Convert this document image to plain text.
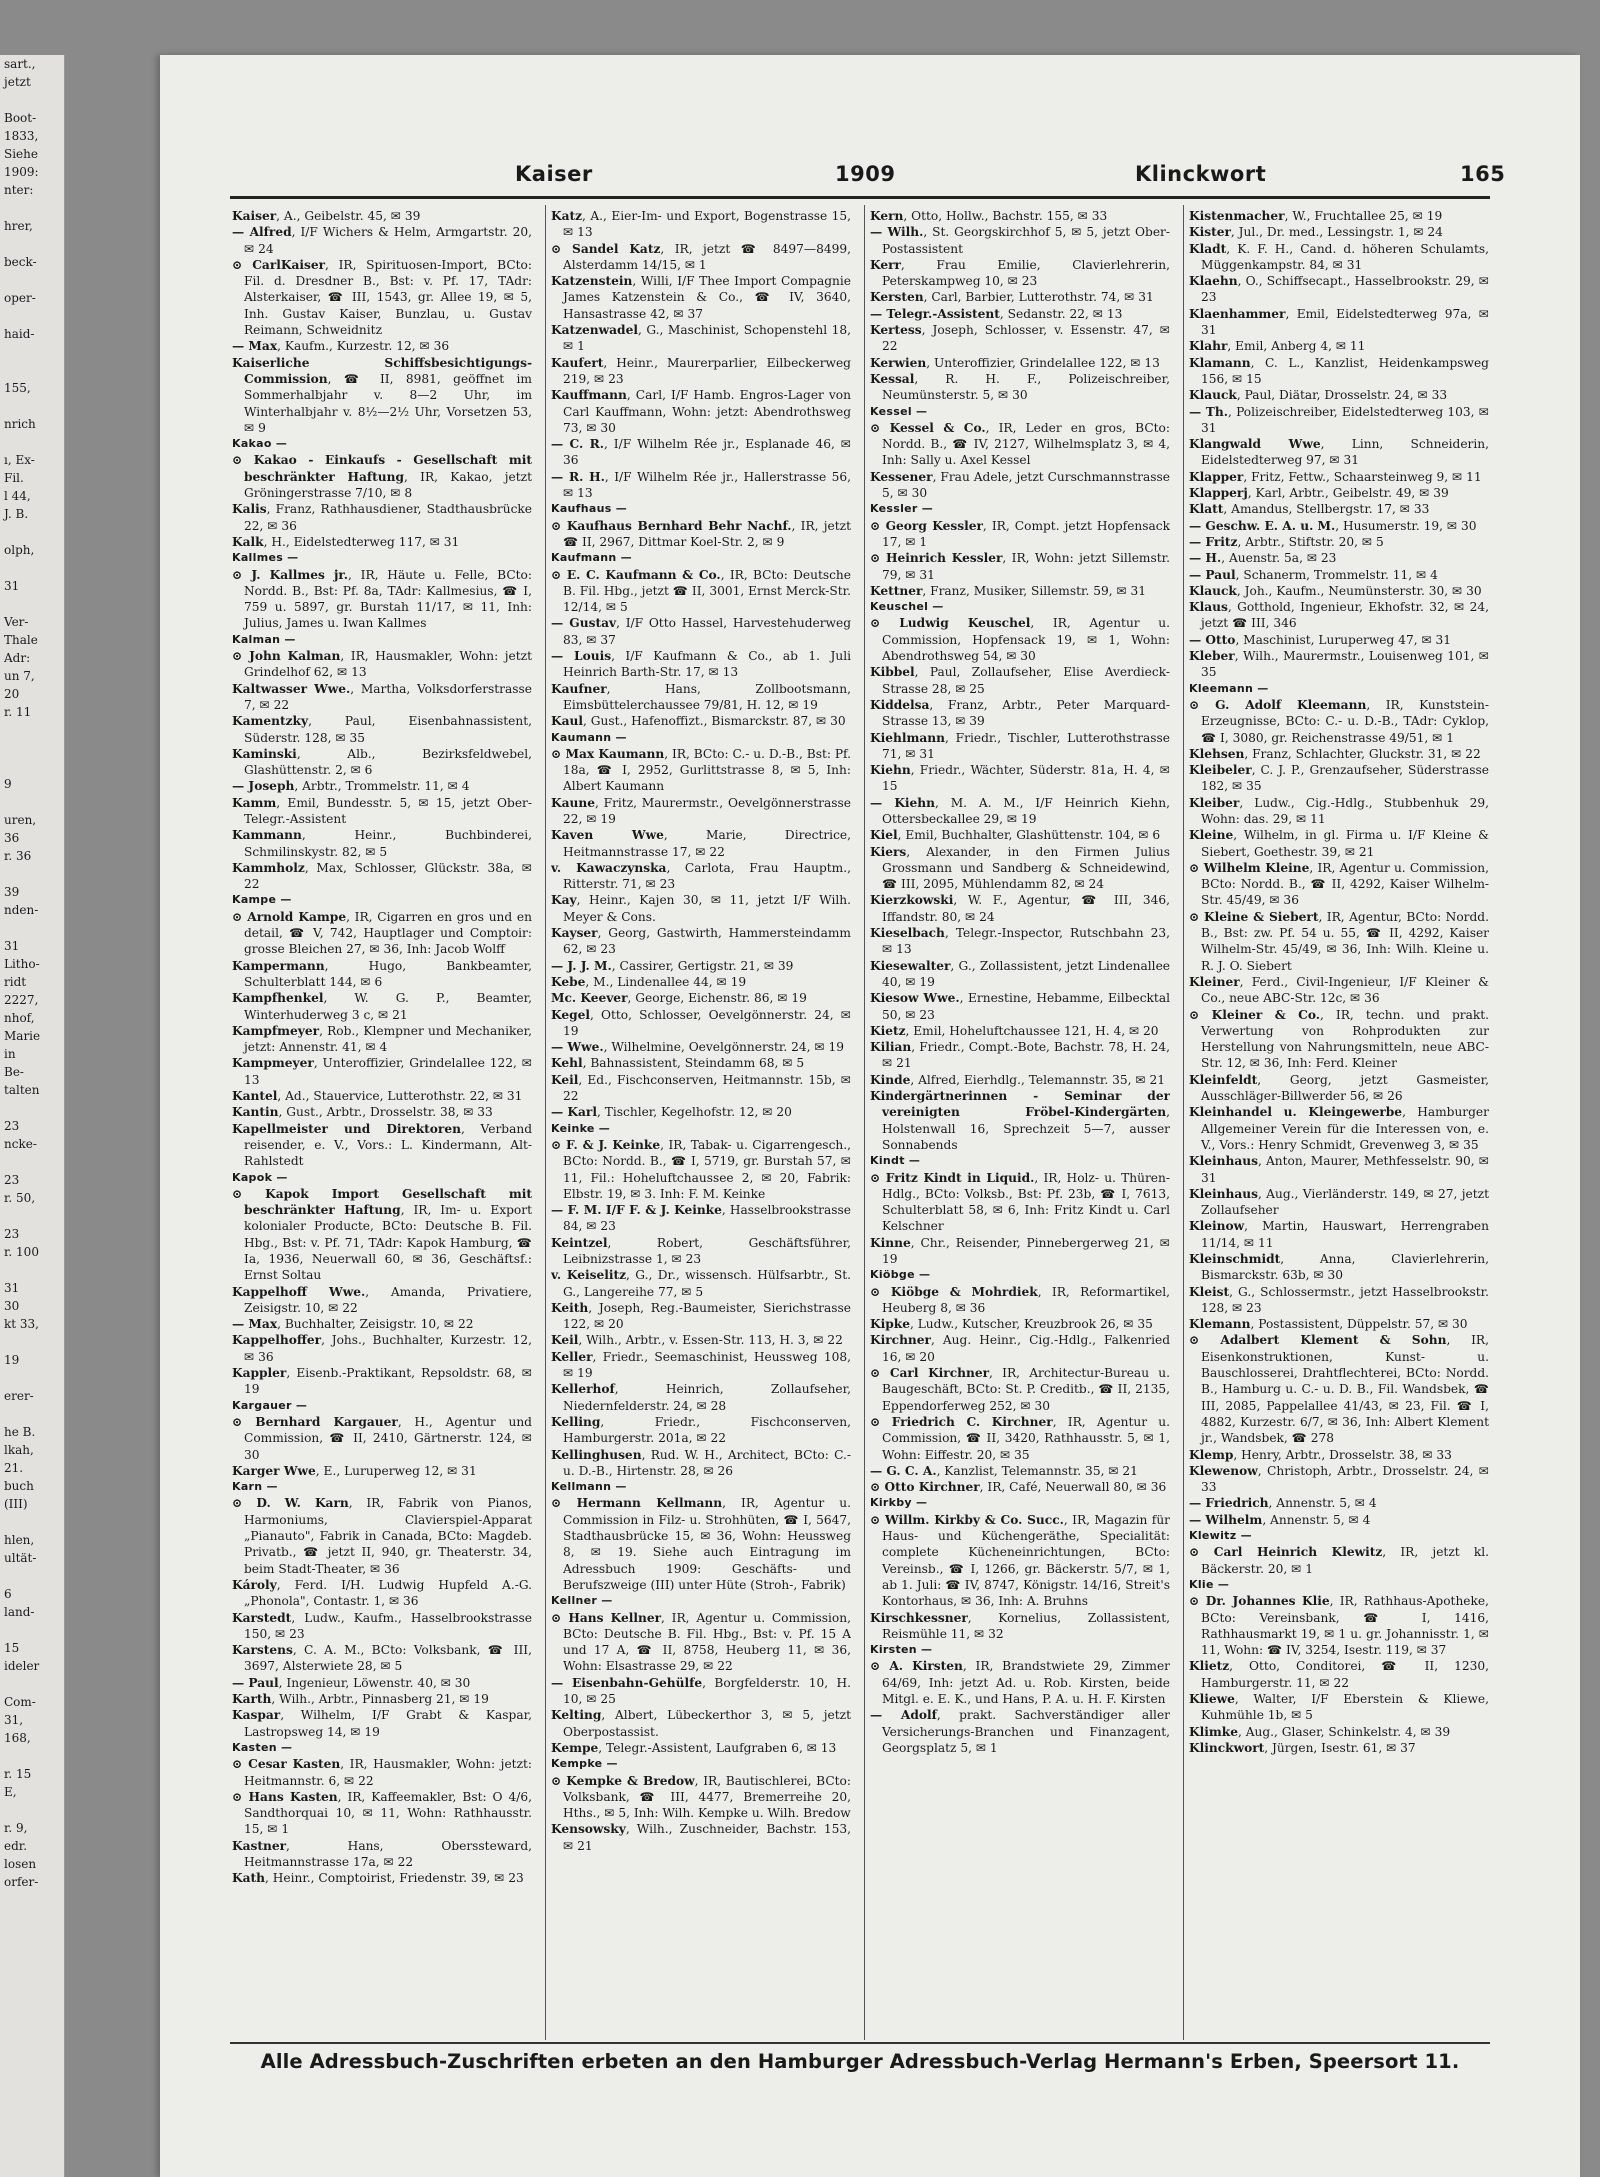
sart.,
jetzt

Boot-
1833,
Siehe
1909:
nter:

hrer,

beck-

oper-

haid-

155,

nrich

ı, Ex-
Fil.
l 44,
J. B.

olph,

31

Ver-
Thale
Adr:
un 7,
20
r. 11

9

uren,
36
r. 36

39
nden-

31
Litho-
ridt
2227,
nhof,
Marie
in
Be-
talten

23
ncke-

23
r. 50,

23
r. 100

31
30
kt 33,

19

erer-

he B.
lkah,
21.
buch
(III)

hlen,
ultät-

6
land-

15
ideler

Com-
31,
168,

r. 15
E,

r. 9,
edr.
losen
orfer-
Kaiser	1909	Klinckwort	165

Kaiser, A., Geibelstr. 45, ✉ 39

— Alfred, I/F Wichers & Helm, Armgartstr. 20, ✉ 24

⊙ CarlKaiser, IR, Spirituosen-Import, BCto: Fil. d. Dresdner B., Bst: v. Pf. 17, TAdr: Alsterkaiser, ☎ III, 1543, gr. Allee 19, ✉ 5, Inh. Gustav Kaiser, Bunzlau, u. Gustav Reimann, Schweidnitz

— Max, Kaufm., Kurzestr. 12, ✉ 36

Kaiserliche Schiffsbesichtigungs-Commission, ☎ II, 8981, geöffnet im Sommerhalbjahr v. 8—2 Uhr, im Winterhalbjahr v. 8½—2½ Uhr, Vorsetzen 53, ✉ 9

Kakao —

⊙ Kakao - Einkaufs - Gesellschaft mit beschränkter Haftung, IR, Kakao, jetzt Gröningerstrasse 7/10, ✉ 8

Kalis, Franz, Rathhausdiener, Stadthausbrücke 22, ✉ 36

Kalk, H., Eidelstedterweg 117, ✉ 31

Kallmes —

⊙ J. Kallmes jr., IR, Häute u. Felle, BCto: Nordd. B., Bst: Pf. 8a, TAdr: Kallmesius, ☎ I, 759 u. 5897, gr. Burstah 11/17, ✉ 11, Inh: Julius, James u. Iwan Kallmes

Kalman —

⊙ John Kalman, IR, Hausmakler, Wohn: jetzt Grindelhof 62, ✉ 13

Kaltwasser Wwe., Martha, Volksdorferstrasse 7, ✉ 22

Kamentzky, Paul, Eisenbahnassistent, Süderstr. 128, ✉ 35

Kaminski, Alb., Bezirksfeldwebel, Glashüttenstr. 2, ✉ 6

— Joseph, Arbtr., Trommelstr. 11, ✉ 4

Kamm, Emil, Bundesstr. 5, ✉ 15, jetzt Ober-Telegr.-Assistent

Kammann, Heinr., Buchbinderei, Schmilinskystr. 82, ✉ 5

Kammholz, Max, Schlosser, Glückstr. 38a, ✉ 22

Kampe —

⊙ Arnold Kampe, IR, Cigarren en gros und en detail, ☎ V, 742, Hauptlager und Comptoir: grosse Bleichen 27, ✉ 36, Inh: Jacob Wolff

Kampermann, Hugo, Bankbeamter, Schulterblatt 144, ✉ 6

Kampfhenkel, W. G. P., Beamter, Winterhuderweg 3 c, ✉ 21

Kampfmeyer, Rob., Klempner und Mechaniker, jetzt: Annenstr. 41, ✉ 4

Kampmeyer, Unteroffizier, Grindelallee 122, ✉ 13

Kantel, Ad., Stauervice, Lutterothstr. 22, ✉ 31

Kantin, Gust., Arbtr., Drosselstr. 38, ✉ 33

Kapellmeister und Direktoren, Verband reisender, e. V., Vors.: L. Kindermann, Alt-Rahlstedt

Kapok —

⊙ Kapok Import Gesellschaft mit beschränkter Haftung, IR, Im- u. Export kolonialer Producte, BCto: Deutsche B. Fil. Hbg., Bst: v. Pf. 71, TAdr: Kapok Hamburg, ☎ Ia, 1936, Neuerwall 60, ✉ 36, Geschäftsf.: Ernst Soltau

Kappelhoff Wwe., Amanda, Privatiere, Zeisigstr. 10, ✉ 22

— Max, Buchhalter, Zeisigstr. 10, ✉ 22

Kappelhoffer, Johs., Buchhalter, Kurzestr. 12, ✉ 36

Kappler, Eisenb.-Praktikant, Repsoldstr. 68, ✉ 19

Kargauer —

⊙ Bernhard Kargauer, H., Agentur und Commission, ☎ II, 2410, Gärtnerstr. 124, ✉ 30

Karger Wwe, E., Luruperweg 12, ✉ 31

Karn —

⊙ D. W. Karn, IR, Fabrik von Pianos, Harmoniums, Clavierspiel-Apparat „Pianauto", Fabrik in Canada, BCto: Magdeb. Privatb., ☎ jetzt II, 940, gr. Theaterstr. 34, beim Stadt-Theater, ✉ 36

Károly, Ferd. I/H. Ludwig Hupfeld A.-G. „Phonola", Contastr. 1, ✉ 36

Karstedt, Ludw., Kaufm., Hasselbrookstrasse 150, ✉ 23

Karstens, C. A. M., BCto: Volksbank, ☎ III, 3697, Alsterwiete 28, ✉ 5

— Paul, Ingenieur, Löwenstr. 40, ✉ 30

Karth, Wilh., Arbtr., Pinnasberg 21, ✉ 19

Kaspar, Wilhelm, I/F Grabt & Kaspar, Lastropsweg 14, ✉ 19

Kasten —

⊙ Cesar Kasten, IR, Hausmakler, Wohn: jetzt: Heitmannstr. 6, ✉ 22

⊙ Hans Kasten, IR, Kaffeemakler, Bst: O 4/6, Sandthorquai 10, ✉ 11, Wohn: Rathhausstr. 15, ✉ 1

Kastner, Hans, Oberssteward, Heitmannstrasse 17a, ✉ 22

Kath, Heinr., Comptoirist, Friedenstr. 39, ✉ 23

Katz, A., Eier-Im- und Export, Bogenstrasse 15, ✉ 13

⊙ Sandel Katz, IR, jetzt ☎ 8497—8499, Alsterdamm 14/15, ✉ 1

Katzenstein, Willi, I/F Thee Import Compagnie James Katzenstein & Co., ☎ IV, 3640, Hansastrasse 42, ✉ 37

Katzenwadel, G., Maschinist, Schopenstehl 18, ✉ 1

Kaufert, Heinr., Maurerparlier, Eilbeckerweg 219, ✉ 23

Kauffmann, Carl, I/F Hamb. Engros-Lager von Carl Kauffmann, Wohn: jetzt: Abendrothsweg 73, ✉ 30

— C. R., I/F Wilhelm Rée jr., Esplanade 46, ✉ 36

— R. H., I/F Wilhelm Rée jr., Hallerstrasse 56, ✉ 13

Kaufhaus —

⊙ Kaufhaus Bernhard Behr Nachf., IR, jetzt ☎ II, 2967, Dittmar Koel-Str. 2, ✉ 9

Kaufmann —

⊙ E. C. Kaufmann & Co., IR, BCto: Deutsche B. Fil. Hbg., jetzt ☎ II, 3001, Ernst Merck-Str. 12/14, ✉ 5

— Gustav, I/F Otto Hassel, Harvestehuderweg 83, ✉ 37

— Louis, I/F Kaufmann & Co., ab 1. Juli Heinrich Barth-Str. 17, ✉ 13

Kaufner, Hans, Zollbootsmann, Eimsbüttelerchaussee 79/81, H. 12, ✉ 19

Kaul, Gust., Hafenoffizt., Bismarckstr. 87, ✉ 30

Kaumann —

⊙ Max Kaumann, IR, BCto: C.- u. D.-B., Bst: Pf. 18a, ☎ I, 2952, Gurlittstrasse 8, ✉ 5, Inh: Albert Kaumann

Kaune, Fritz, Maurermstr., Oevelgönnerstrasse 22, ✉ 19

Kaven Wwe, Marie, Directrice, Heitmannstrasse 17, ✉ 22

v. Kawaczynska, Carlota, Frau Hauptm., Ritterstr. 71, ✉ 23

Kay, Heinr., Kajen 30, ✉ 11, jetzt I/F Wilh. Meyer & Cons.

Kayser, Georg, Gastwirth, Hammersteindamm 62, ✉ 23

— J. J. M., Cassirer, Gertigstr. 21, ✉ 39

Kebe, M., Lindenallee 44, ✉ 19

Mc. Keever, George, Eichenstr. 86, ✉ 19

Kegel, Otto, Schlosser, Oevelgönnerstr. 24, ✉ 19

— Wwe., Wilhelmine, Oevelgönnerstr. 24, ✉ 19

Kehl, Bahnassistent, Steindamm 68, ✉ 5

Keil, Ed., Fischconserven, Heitmannstr. 15b, ✉ 22

— Karl, Tischler, Kegelhofstr. 12, ✉ 20

Keinke —

⊙ F. & J. Keinke, IR, Tabak- u. Cigarrengesch., BCto: Nordd. B., ☎ I, 5719, gr. Burstah 57, ✉ 11, Fil.: Hoheluftchaussee 2, ✉ 20, Fabrik: Elbstr. 19, ✉ 3. Inh: F. M. Keinke

— F. M. I/F F. & J. Keinke, Hasselbrookstrasse 84, ✉ 23

Keintzel, Robert, Geschäftsführer, Leibnizstrasse 1, ✉ 23

v. Keiselitz, G., Dr., wissensch. Hülfsarbtr., St. G., Langereihe 77, ✉ 5

Keith, Joseph, Reg.-Baumeister, Sierichstrasse 122, ✉ 20

Keil, Wilh., Arbtr., v. Essen-Str. 113, H. 3, ✉ 22

Keller, Friedr., Seemaschinist, Heussweg 108, ✉ 19

Kellerhof, Heinrich, Zollaufseher, Niedernfelderstr. 24, ✉ 28

Kelling, Friedr., Fischconserven, Hamburgerstr. 201a, ✉ 22

Kellinghusen, Rud. W. H., Architect, BCto: C.- u. D.-B., Hirtenstr. 28, ✉ 26

Kellmann —

⊙ Hermann Kellmann, IR, Agentur u. Commission in Filz- u. Strohhüten, ☎ I, 5647, Stadthausbrücke 15, ✉ 36, Wohn: Heussweg 8, ✉ 19. Siehe auch Eintragung im Adressbuch 1909: Geschäfts- und Berufszweige (III) unter Hüte (Stroh-, Fabrik)

Kellner —

⊙ Hans Kellner, IR, Agentur u. Commission, BCto: Deutsche B. Fil. Hbg., Bst: v. Pf. 15 A und 17 A, ☎ II, 8758, Heuberg 11, ✉ 36, Wohn: Elsastrasse 29, ✉ 22

— Eisenbahn-Gehülfe, Borgfelderstr. 10, H. 10, ✉ 25

Kelting, Albert, Lübeckerthor 3, ✉ 5, jetzt Oberpostassist.

Kempe, Telegr.-Assistent, Laufgraben 6, ✉ 13

Kempke —

⊙ Kempke & Bredow, IR, Bautischlerei, BCto: Volksbank, ☎ III, 4477, Bremerreihe 20, Hths., ✉ 5, Inh: Wilh. Kempke u. Wilh. Bredow

Kensowsky, Wilh., Zuschneider, Bachstr. 153, ✉ 21

Kern, Otto, Hollw., Bachstr. 155, ✉ 33

— Wilh., St. Georgskirchhof 5, ✉ 5, jetzt Ober-Postassistent

Kerr, Frau Emilie, Clavierlehrerin, Peterskampweg 10, ✉ 23

Kersten, Carl, Barbier, Lutterothstr. 74, ✉ 31

— Telegr.-Assistent, Sedanstr. 22, ✉ 13

Kertess, Joseph, Schlosser, v. Essenstr. 47, ✉ 22

Kerwien, Unteroffizier, Grindelallee 122, ✉ 13

Kessal, R. H. F., Polizeischreiber, Neumünsterstr. 5, ✉ 30

Kessel —

⊙ Kessel & Co., IR, Leder en gros, BCto: Nordd. B., ☎ IV, 2127, Wilhelmsplatz 3, ✉ 4, Inh: Sally u. Axel Kessel

Kessener, Frau Adele, jetzt Curschmannstrasse 5, ✉ 30

Kessler —

⊙ Georg Kessler, IR, Compt. jetzt Hopfensack 17, ✉ 1

⊙ Heinrich Kessler, IR, Wohn: jetzt Sillemstr. 79, ✉ 31

Kettner, Franz, Musiker, Sillemstr. 59, ✉ 31

Keuschel —

⊙ Ludwig Keuschel, IR, Agentur u. Commission, Hopfensack 19, ✉ 1, Wohn: Abendrothsweg 54, ✉ 30

Kibbel, Paul, Zollaufseher, Elise Averdieck-Strasse 28, ✉ 25

Kiddelsa, Franz, Arbtr., Peter Marquard-Strasse 13, ✉ 39

Kiehlmann, Friedr., Tischler, Lutterothstrasse 71, ✉ 31

Kiehn, Friedr., Wächter, Süderstr. 81a, H. 4, ✉ 15

— Kiehn, M. A. M., I/F Heinrich Kiehn, Ottersbeckallee 29, ✉ 19

Kiel, Emil, Buchhalter, Glashüttenstr. 104, ✉ 6

Kiers, Alexander, in den Firmen Julius Grossmann und Sandberg & Schneidewind, ☎ III, 2095, Mühlendamm 82, ✉ 24

Kierzkowski, W. F., Agentur, ☎ III, 346, Iffandstr. 80, ✉ 24

Kieselbach, Telegr.-Inspector, Rutschbahn 23, ✉ 13

Kiesewalter, G., Zollassistent, jetzt Lindenallee 40, ✉ 19

Kiesow Wwe., Ernestine, Hebamme, Eilbecktal 50, ✉ 23

Kietz, Emil, Hoheluftchaussee 121, H. 4, ✉ 20

Kilian, Friedr., Compt.-Bote, Bachstr. 78, H. 24, ✉ 21

Kinde, Alfred, Eierhdlg., Telemannstr. 35, ✉ 21

Kindergärtnerinnen - Seminar der vereinigten Fröbel-Kindergärten, Holstenwall 16, Sprechzeit 5—7, ausser Sonnabends

Kindt —

⊙ Fritz Kindt in Liquid., IR, Holz- u. Thüren-Hdlg., BCto: Volksb., Bst: Pf. 23b, ☎ I, 7613, Schulterblatt 58, ✉ 6, Inh: Fritz Kindt u. Carl Kelschner

Kinne, Chr., Reisender, Pinnebergerweg 21, ✉ 19

Kiöbge —

⊙ Kiöbge & Mohrdiek, IR, Reformartikel, Heuberg 8, ✉ 36

Kipke, Ludw., Kutscher, Kreuzbrook 26, ✉ 35

Kirchner, Aug. Heinr., Cig.-Hdlg., Falkenried 16, ✉ 20

⊙ Carl Kirchner, IR, Architectur-Bureau u. Baugeschäft, BCto: St. P. Creditb., ☎ II, 2135, Eppendorferweg 252, ✉ 30

⊙ Friedrich C. Kirchner, IR, Agentur u. Commission, ☎ II, 3420, Rathhausstr. 5, ✉ 1, Wohn: Eiffestr. 20, ✉ 35

— G. C. A., Kanzlist, Telemannstr. 35, ✉ 21

⊙ Otto Kirchner, IR, Café, Neuerwall 80, ✉ 36

Kirkby —

⊙ Willm. Kirkby & Co. Succ., IR, Magazin für Haus- und Küchengeräthe, Specialität: complete Kücheneinrichtungen, BCto: Vereinsb., ☎ I, 1266, gr. Bäckerstr. 5/7, ✉ 1, ab 1. Juli: ☎ IV, 8747, Königstr. 14/16, Streit's Kontorhaus, ✉ 36, Inh: A. Bruhns

Kirschkessner, Kornelius, Zollassistent, Reismühle 11, ✉ 32

Kirsten —

⊙ A. Kirsten, IR, Brandstwiete 29, Zimmer 64/69, Inh: jetzt Ad. u. Rob. Kirsten, beide Mitgl. e. E. K., und Hans, P. A. u. H. F. Kirsten

— Adolf, prakt. Sachverständiger aller Versicherungs-Branchen und Finanzagent, Georgsplatz 5, ✉ 1

Kistenmacher, W., Fruchtallee 25, ✉ 19

Kister, Jul., Dr. med., Lessingstr. 1, ✉ 24

Kladt, K. F. H., Cand. d. höheren Schulamts, Müggenkampstr. 84, ✉ 31

Klaehn, O., Schiffsecapt., Hasselbrookstr. 29, ✉ 23

Klaenhammer, Emil, Eidelstedterweg 97a, ✉ 31

Klahr, Emil, Anberg 4, ✉ 11

Klamann, C. L., Kanzlist, Heidenkampsweg 156, ✉ 15

Klauck, Paul, Diätar, Drosselstr. 24, ✉ 33

— Th., Polizeischreiber, Eidelstedterweg 103, ✉ 31

Klangwald Wwe, Linn, Schneiderin, Eidelstedterweg 97, ✉ 31

Klapper, Fritz, Fettw., Schaarsteinweg 9, ✉ 11

Klapperj, Karl, Arbtr., Geibelstr. 49, ✉ 39

Klatt, Amandus, Stellbergstr. 17, ✉ 33

— Geschw. E. A. u. M., Husumerstr. 19, ✉ 30

— Fritz, Arbtr., Stiftstr. 20, ✉ 5

— H., Auenstr. 5a, ✉ 23

— Paul, Schanerm, Trommelstr. 11, ✉ 4

Klauck, Joh., Kaufm., Neumünsterstr. 30, ✉ 30

Klaus, Gotthold, Ingenieur, Ekhofstr. 32, ✉ 24, jetzt ☎ III, 346

— Otto, Maschinist, Luruperweg 47, ✉ 31

Kleber, Wilh., Maurermstr., Louisenweg 101, ✉ 35

Kleemann —

⊙ G. Adolf Kleemann, IR, Kunststein-Erzeugnisse, BCto: C.- u. D.-B., TAdr: Cyklop, ☎ I, 3080, gr. Reichenstrasse 49/51, ✉ 1

Klehsen, Franz, Schlachter, Gluckstr. 31, ✉ 22

Kleibeler, C. J. P., Grenzaufseher, Süderstrasse 182, ✉ 35

Kleiber, Ludw., Cig.-Hdlg., Stubbenhuk 29, Wohn: das. 29, ✉ 11

Kleine, Wilhelm, in gl. Firma u. I/F Kleine & Siebert, Goethestr. 39, ✉ 21

⊙ Wilhelm Kleine, IR, Agentur u. Commission, BCto: Nordd. B., ☎ II, 4292, Kaiser Wilhelm-Str. 45/49, ✉ 36

⊙ Kleine & Siebert, IR, Agentur, BCto: Nordd. B., Bst: zw. Pf. 54 u. 55, ☎ II, 4292, Kaiser Wilhelm-Str. 45/49, ✉ 36, Inh: Wilh. Kleine u. R. J. O. Siebert

Kleiner, Ferd., Civil-Ingenieur, I/F Kleiner & Co., neue ABC-Str. 12c, ✉ 36

⊙ Kleiner & Co., IR, techn. und prakt. Verwertung von Rohprodukten zur Herstellung von Nahrungsmitteln, neue ABC-Str. 12, ✉ 36, Inh: Ferd. Kleiner

Kleinfeldt, Georg, jetzt Gasmeister, Ausschläger-Billwerder 56, ✉ 26

Kleinhandel u. Kleingewerbe, Hamburger Allgemeiner Verein für die Interessen von, e. V., Vors.: Henry Schmidt, Grevenweg 3, ✉ 35

Kleinhaus, Anton, Maurer, Methfesselstr. 90, ✉ 31

Kleinhaus, Aug., Vierländerstr. 149, ✉ 27, jetzt Zollaufseher

Kleinow, Martin, Hauswart, Herrengraben 11/14, ✉ 11

Kleinschmidt, Anna, Clavierlehrerin, Bismarckstr. 63b, ✉ 30

Kleist, G., Schlossermstr., jetzt Hasselbrookstr. 128, ✉ 23

Klemann, Postassistent, Düppelstr. 57, ✉ 30

⊙ Adalbert Klement & Sohn, IR, Eisenkonstruktionen, Kunst- u. Bauschlosserei, Drahtflechterei, BCto: Nordd. B., Hamburg u. C.- u. D. B., Fil. Wandsbek, ☎ III, 2085, Pappelallee 41/43, ✉ 23, Fil. ☎ I, 4882, Kurzestr. 6/7, ✉ 36, Inh: Albert Klement jr., Wandsbek, ☎ 278

Klemp, Henry, Arbtr., Drosselstr. 38, ✉ 33

Klewenow, Christoph, Arbtr., Drosselstr. 24, ✉ 33

— Friedrich, Annenstr. 5, ✉ 4

— Wilhelm, Annenstr. 5, ✉ 4

Klewitz —

⊙ Carl Heinrich Klewitz, IR, jetzt kl. Bäckerstr. 20, ✉ 1

Klie —

⊙ Dr. Johannes Klie, IR, Rathhaus-Apotheke, BCto: Vereinsbank, ☎ I, 1416, Rathhausmarkt 19, ✉ 1 u. gr. Johannisstr. 1, ✉ 11, Wohn: ☎ IV, 3254, Isestr. 119, ✉ 37

Klietz, Otto, Conditorei, ☎ II, 1230, Hamburgerstr. 11, ✉ 22

Kliewe, Walter, I/F Eberstein & Kliewe, Kuhmühle 1b, ✉ 5

Klimke, Aug., Glaser, Schinkelstr. 4, ✉ 39

Klinckwort, Jürgen, Isestr. 61, ✉ 37

Alle Adressbuch-Zuschriften erbeten an den Hamburger Adressbuch-Verlag Hermann's Erben, Speersort 11.
